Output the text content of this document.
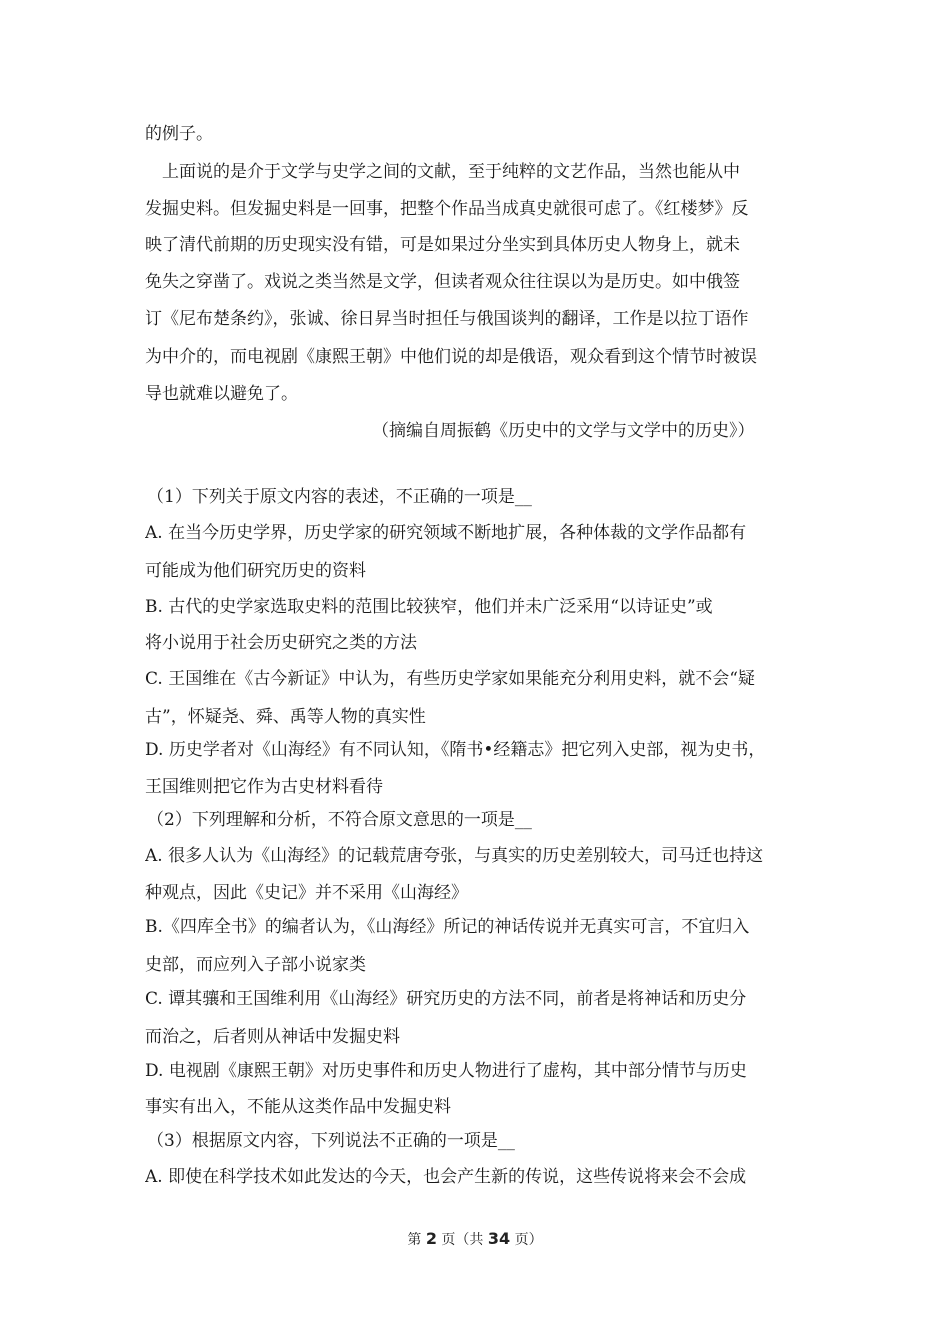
的例子。
上面说的是介于文学与史学之间的文献，至于纯粹的文艺作品，当然也能从中
发掘史料。但发掘史料是一回事，把整个作品当成真史就很可虑了。《红楼梦》反
映了清代前期的历史现实没有错，可是如果过分坐实到具体历史人物身上，就未
免失之穿凿了。戏说之类当然是文学，但读者观众往往误以为是历史。如中俄签
订《尼布楚条约》，张诚、徐日昇当时担任与俄国谈判的翻译，工作是以拉丁语作
为中介的，而电视剧《康熙王朝》中他们说的却是俄语，观众看到这个情节时被误
导也就难以避免了。
（摘编自周振鹤《历史中的文学与文学中的历史》）
（1）下列关于原文内容的表述，不正确的一项是__
A. 在当今历史学界，历史学家的研究领域不断地扩展，各种体裁的文学作品都有
可能成为他们研究历史的资料
B. 古代的史学家选取史料的范围比较狭窄，他们并未广泛采用“以诗证史”或
将小说用于社会历史研究之类的方法
C. 王国维在《古今新证》中认为，有些历史学家如果能充分利用史料，就不会“疑
古”，怀疑尧、舜、禹等人物的真实性
D. 历史学者对《山海经》有不同认知，《隋书•经籍志》把它列入史部，视为史书，
王国维则把它作为古史材料看待
（2）下列理解和分析，不符合原文意思的一项是__
A. 很多人认为《山海经》的记载荒唐夸张，与真实的历史差别较大，司马迁也持这
种观点，因此《史记》并不采用《山海经》
B.《四库全书》的编者认为，《山海经》所记的神话传说并无真实可言，不宜归入
史部，而应列入子部小说家类
C. 谭其骧和王国维利用《山海经》研究历史的方法不同，前者是将神话和历史分
而治之，后者则从神话中发掘史料
D. 电视剧《康熙王朝》对历史事件和历史人物进行了虚构，其中部分情节与历史
事实有出入，不能从这类作品中发掘史料
（3）根据原文内容，下列说法不正确的一项是__
A. 即使在科学技术如此发达的今天，也会产生新的传说，这些传说将来会不会成
第 2 页（共 34 页）
